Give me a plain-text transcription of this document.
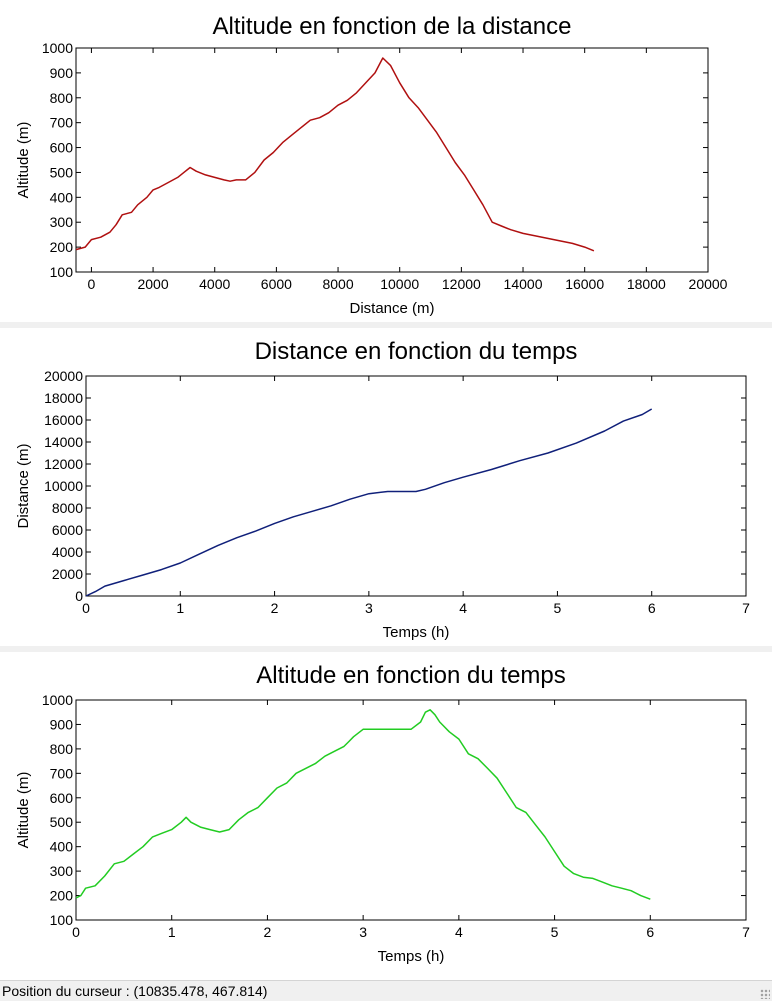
Altitude en fonction de la distance
0	2000 4000 6000 8000 10000 12000 14000 16000 18000 20000
100
200
300
400
500
600
700
800
900
1000
Distance (m)
Altitude (m)
Distance en fonction du temps
0	1	2	3	4	5	6	7
0
2000
4000
6000
8000
10000
12000
14000
16000
18000
20000
Temps (h)
Distance (m)
Altitude en fonction du temps
0	1	2	3	4	5	6	7
100
200
300
400
500
600
700
800
900
1000
Temps (h)
Altitude (m)
Position du curseur : (10835.478, 467.814)
